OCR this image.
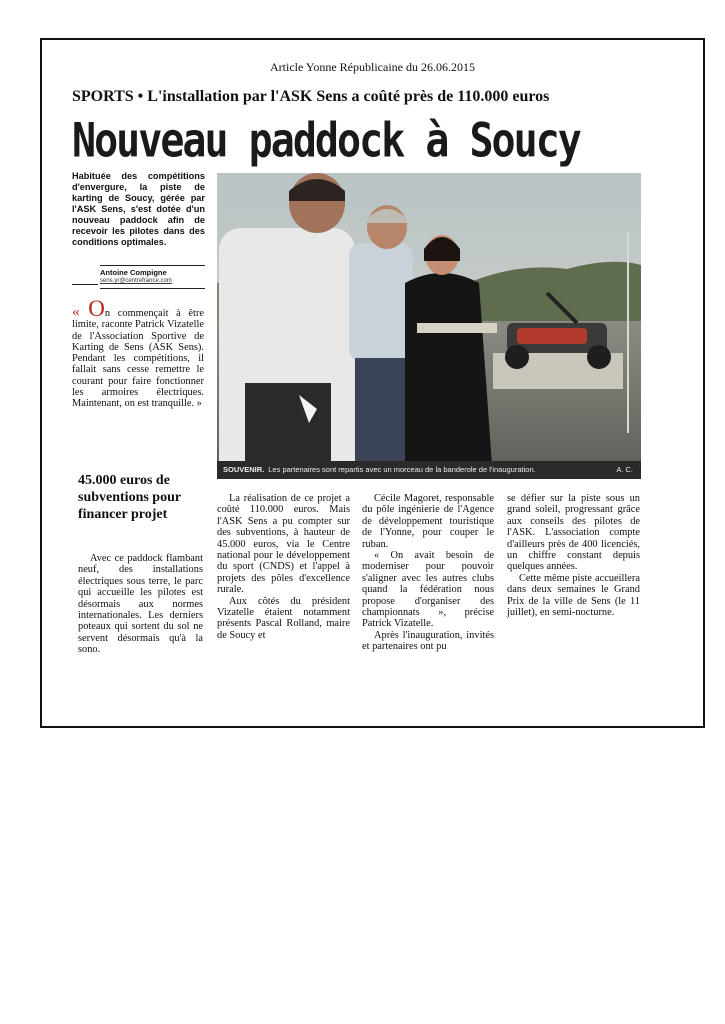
Article Yonne Républicaine du 26.06.2015
SPORTS • L'installation par l'ASK Sens a coûté près de 110.000 euros
Nouveau paddock à Soucy
Habituée des compétitions d'envergure, la piste de karting de Soucy, gérée par l'ASK Sens, s'est dotée d'un nouveau paddock afin de recevoir les pilotes dans des conditions optimales.
Antoine Compigne
sens.yr@centrefrance.com
« On commençait à être limite, raconte Patrick Vizatelle de l'Association Sportive de Karting de Sens (ASK Sens). Pendant les compétitions, il fallait sans cesse remettre le courant pour faire fonctionner les armoires électriques. Maintenant, on est tranquille. »
SOUVENIR. Les partenaires sont repartis avec un morceau de la banderole de l'inauguration.	A. C.
45.000 euros de subventions pour financer projet

Avec ce paddock flambant neuf, des installations électriques sous terre, le parc qui accueille les pilotes est désormais aux normes internationales. Les derniers poteaux qui sortent du sol ne servent désormais qu'à la sono.

La réalisation de ce projet a coûté 110.000 euros. Mais l'ASK Sens a pu compter sur des subventions, à hauteur de 45.000 euros, via le Centre national pour le développement du sport (CNDS) et l'appel à projets des pôles d'excellence rurale.

Aux côtés du président Vizatelle étaient notamment présents Pascal Rolland, maire de Soucy et

Cécile Magoret, responsable du pôle ingénierie de l'Agence de développement touristique de l'Yonne, pour couper le ruban.

« On avait besoin de moderniser pour pouvoir s'aligner avec les autres clubs quand la fédération nous propose d'organiser des championnats », précise Patrick Vizatelle.

Après l'inauguration, invités et partenaires ont pu

se défier sur la piste sous un grand soleil, progressant grâce aux conseils des pilotes de l'ASK. L'association compte d'ailleurs près de 400 licenciés, un chiffre constant depuis quelques années.

Cette même piste accueillera dans deux semaines le Grand Prix de la ville de Sens (le 11 juillet), en semi-nocturne.
